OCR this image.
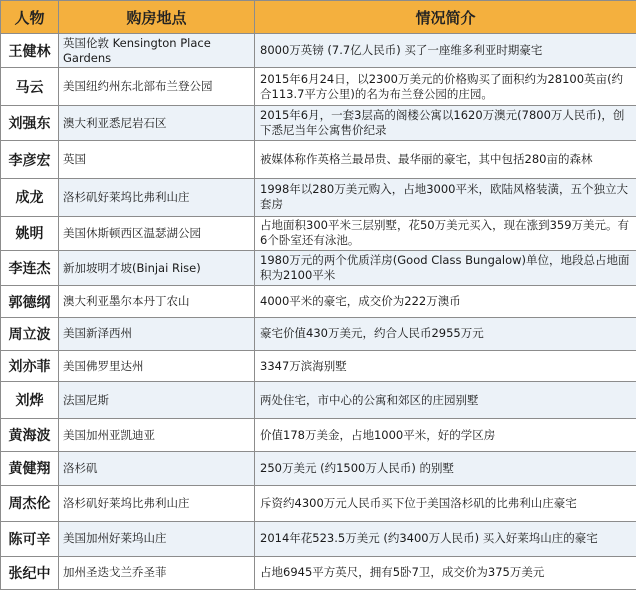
人物	购房地点	情况简介
王健林	英国伦敦 Kensington Place Gardens	8000万英镑 (7.7亿人民币) 买了一座维多利亚时期豪宅
马云	美国纽约州东北部布兰登公园	2015年6月24日，以2300万美元的价格购买了面积约为28100英亩(约合113.7平方公里)的名为布兰登公园的庄园。
刘强东	澳大利亚悉尼岩石区	2015年6月，一套3层高的阁楼公寓以1620万澳元(7800万人民币)，创下悉尼当年公寓售价纪录
李彦宏	英国	被媒体称作英格兰最昂贵、最华丽的豪宅，其中包括280亩的森林
成龙	洛杉矶好莱坞比弗利山庄	1998年以280万美元购入，占地3000平米，欧陆风格装潢，五个独立大套房
姚明	美国休斯顿西区温瑟湖公园	占地面积300平米三层别墅，花50万美元买入，现在涨到359万美元。有6个卧室还有泳池。
李连杰	新加坡明才坡(Binjai Rise)	1980万元的两个优质洋房(Good Class Bungalow)单位，地段总占地面积为2100平米
郭德纲	澳大利亚墨尔本丹丁农山	4000平米的豪宅，成交价为222万澳币
周立波	美国新泽西州	豪宅价值430万美元，约合人民币2955万元
刘亦菲	美国佛罗里达州	3347万滨海别墅
刘烨	法国尼斯	两处住宅，市中心的公寓和郊区的庄园别墅
黄海波	美国加州亚凯迪亚	价值178万美金，占地1000平米，好的学区房
黄健翔	洛杉矶	250万美元 (约1500万人民币) 的别墅
周杰伦	洛杉矶好莱坞比弗利山庄	斥资约4300万元人民币买下位于美国洛杉矶的比弗利山庄豪宅
陈可辛	美国加州好莱坞山庄	2014年花523.5万美元 (约3400万人民币) 买入好莱坞山庄的豪宅
张纪中	加州圣迭戈兰乔圣菲	占地6945平方英尺，拥有5卧7卫，成交价为375万美元
